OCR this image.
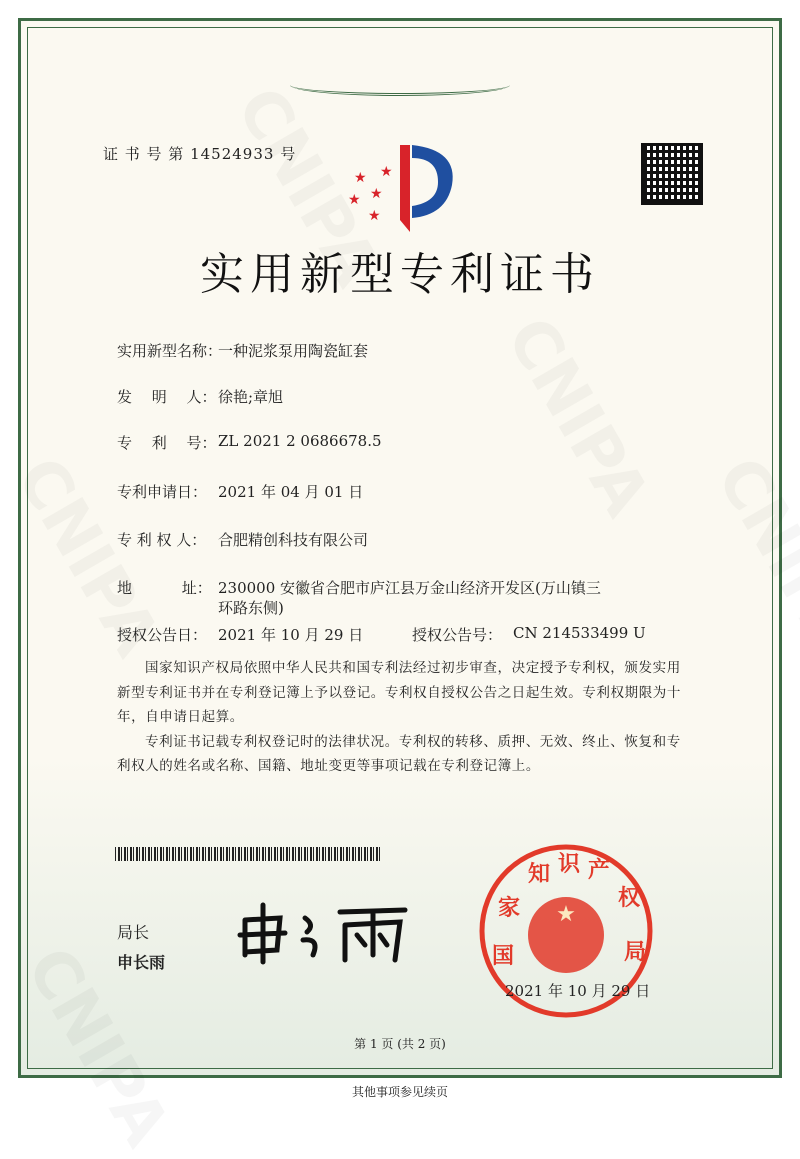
证 书 号 第 14524933 号
★
★
★
★
★
实用新型专利证书
实用新型名称：
一种泥浆泵用陶瓷缸套
发　 明　 人： 徐艳;章旭
专　 利　 号： ZL 2021 2 0686678.5
专利申请日： 2021 年 04 月 01 日
专 利 权 人： 合肥精创科技有限公司
地　　　 址： 230000 安徽省合肥市庐江县万金山经济开发区(万山镇三
环路东侧)
授权公告日： 2021 年 10 月 29 日	授权公告号： CN 214533499 U

国家知识产权局依照中华人民共和国专利法经过初步审查，决定授予专利权，颁发实用新型专利证书并在专利登记簿上予以登记。专利权自授权公告之日起生效。专利权期限为十年，自申请日起算。

专利证书记载专利权登记时的法律状况。专利权的转移、质押、无效、终止、恢复和专利权人的姓名或名称、国籍、地址变更等事项记载在专利登记簿上。

局长
申长雨
★
国
家
知 识 产
权
局
2021 年 10 月 29 日
第 1 页 (共 2 页)
其他事项参见续页
